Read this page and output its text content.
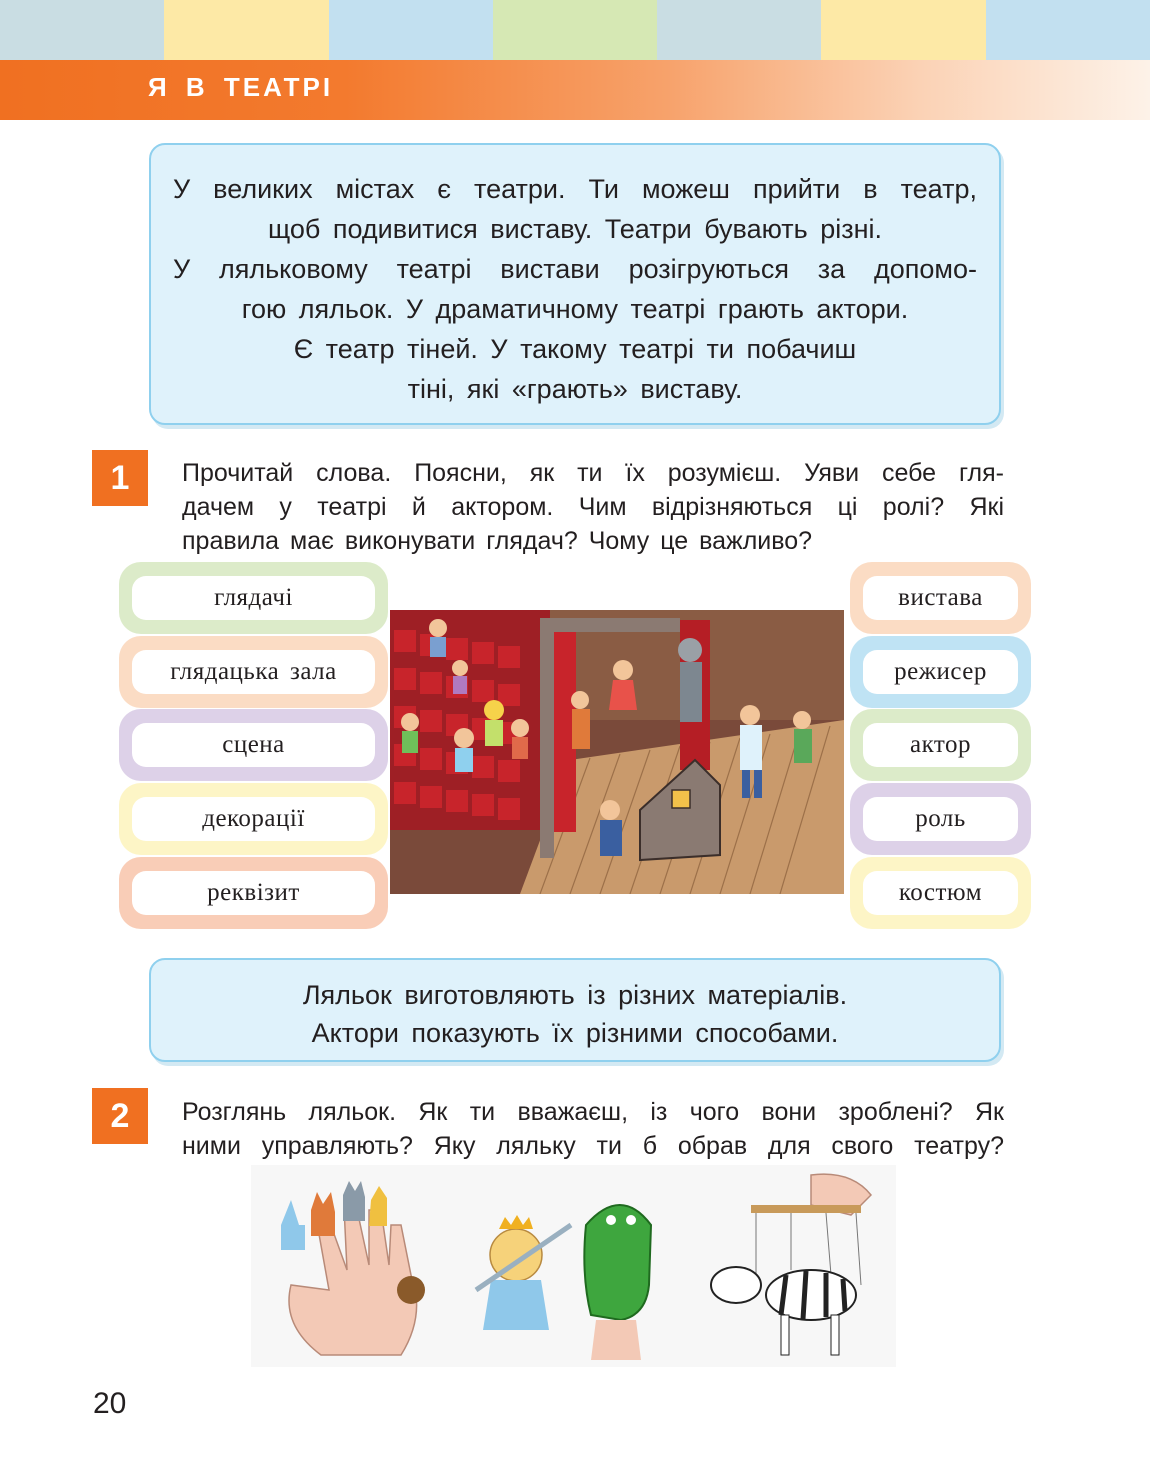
Я В ТЕАТРІ
У великих містах є театри. Ти можеш прийти в театр,
щоб подивитися виставу. Театри бувають різні.
У ляльковому театрі вистави розігруються за допомо-
гою ляльок. У драматичному театрі грають актори.
Є театр тіней. У такому театрі ти побачиш
тіні, які «грають» виставу.
1	Прочитай слова. Поясни, як ти їх розумієш. Уяви себе гля-
дачем у театрі й актором. Чим відрізняються ці ролі? Які
правила має виконувати глядач? Чому це важливо?
глядачі
глядацька зала
сцена
декорації
реквізит
вистава
режисер
актор
роль
костюм
Ляльок виготовляють із різних матеріалів.
Актори показують їх різними способами.
2	Розглянь ляльок. Як ти вважаєш, із чого вони зроблені? Як
ними управляють? Яку ляльку ти б обрав для свого театру?
20
